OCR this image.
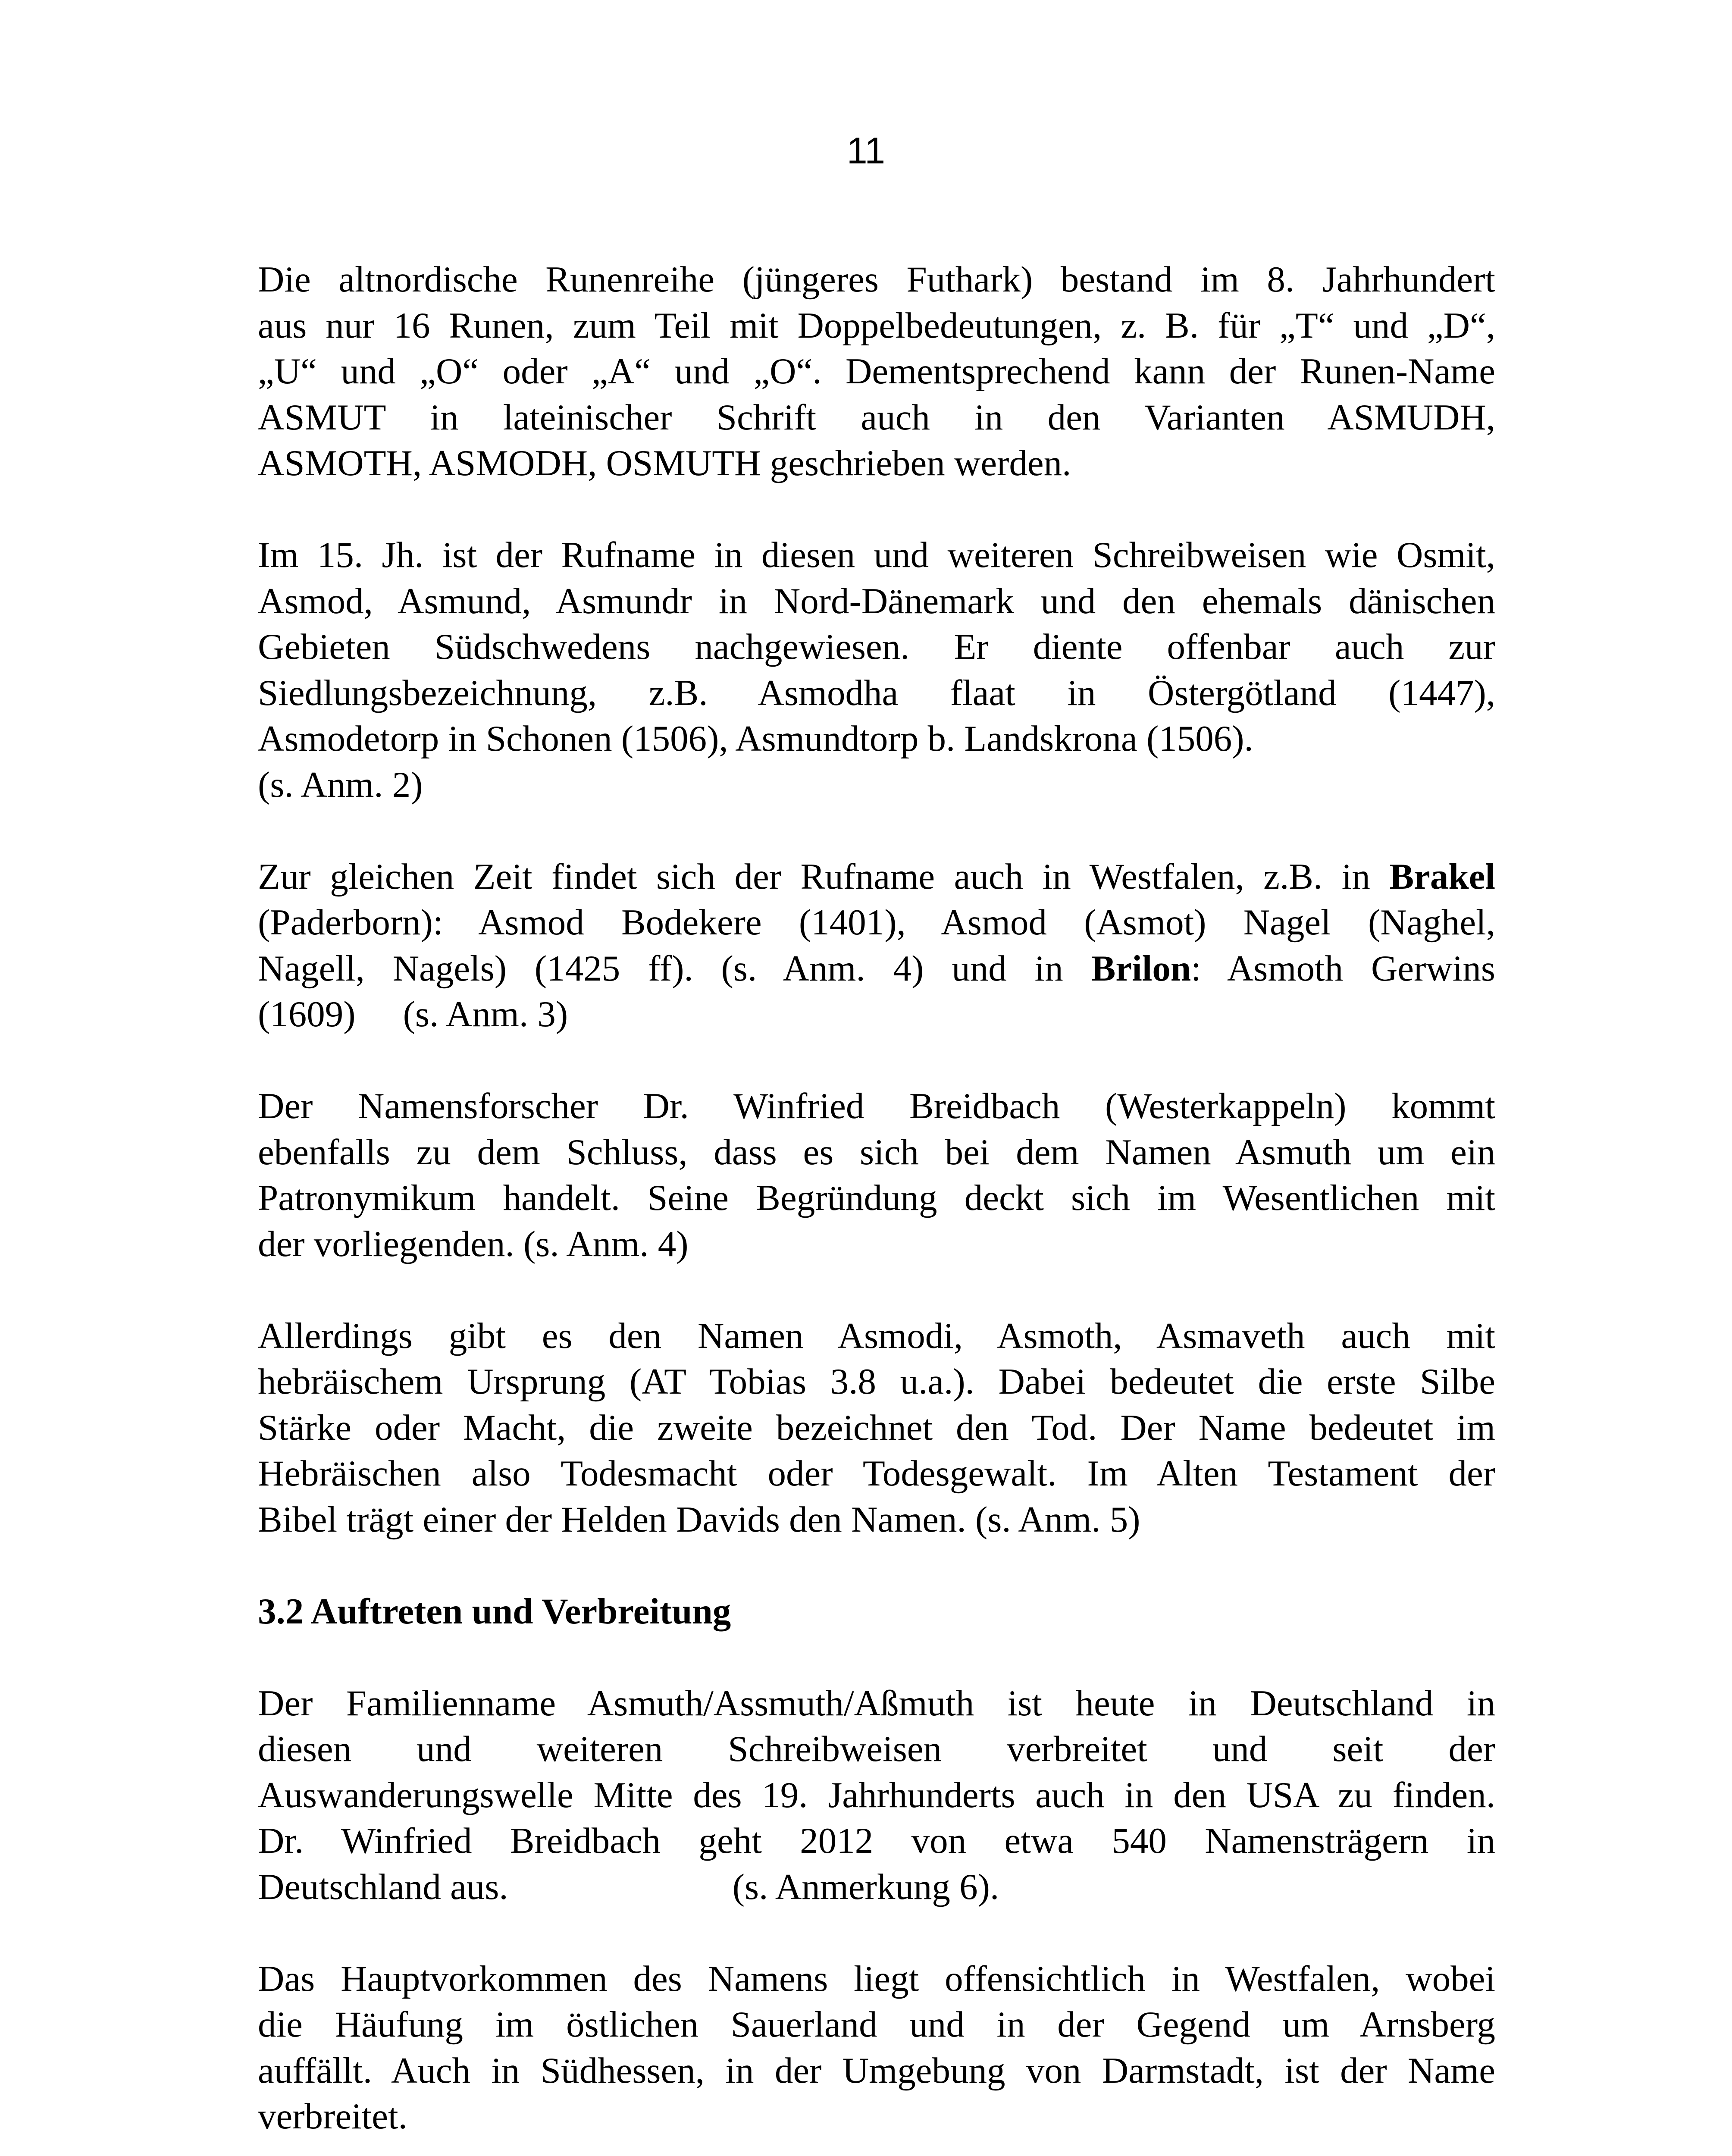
11
Die altnordische Runenreihe (jüngeres Futhark) bestand im 8. Jahrhundert
aus nur 16 Runen, zum Teil mit Doppelbedeutungen, z. B. für „T“ und „D“,
„U“ und „O“ oder „A“ und „O“. Dementsprechend kann der Runen-Name
ASMUT in lateinischer Schrift auch in den Varianten ASMUDH,
ASMOTH, ASMODH, OSMUTH geschrieben werden.
Im 15. Jh. ist der Rufname in diesen und weiteren Schreibweisen wie Osmit,
Asmod, Asmund, Asmundr in Nord-Dänemark und den ehemals dänischen
Gebieten Südschwedens nachgewiesen. Er diente offenbar auch zur
Siedlungsbezeichnung, z.B. Asmodha flaat in Östergötland (1447),
Asmodetorp in Schonen (1506), Asmundtorp b. Landskrona (1506).
(s. Anm. 2)
Zur gleichen Zeit findet sich der Rufname auch in Westfalen, z.B. in Brakel
(Paderborn): Asmod Bodekere (1401), Asmod (Asmot) Nagel (Naghel,
Nagell, Nagels) (1425 ff). (s. Anm. 4) und in Brilon: Asmoth Gerwins
(1609) (s. Anm. 3)
Der Namensforscher Dr. Winfried Breidbach (Westerkappeln) kommt
ebenfalls zu dem Schluss, dass es sich bei dem Namen Asmuth um ein
Patronymikum handelt. Seine Begründung deckt sich im Wesentlichen mit
der vorliegenden. (s. Anm. 4)
Allerdings gibt es den Namen Asmodi, Asmoth, Asmaveth auch mit
hebräischem Ursprung (AT Tobias 3.8 u.a.). Dabei bedeutet die erste Silbe
Stärke oder Macht, die zweite bezeichnet den Tod. Der Name bedeutet im
Hebräischen also Todesmacht oder Todesgewalt. Im Alten Testament der
Bibel trägt einer der Helden Davids den Namen. (s. Anm. 5)
3.2 Auftreten und Verbreitung
Der Familienname Asmuth/Assmuth/Aßmuth ist heute in Deutschland in
diesen und weiteren Schreibweisen verbreitet und seit der
Auswanderungswelle Mitte des 19. Jahrhunderts auch in den USA zu finden.
Dr. Winfried Breidbach geht 2012 von etwa 540 Namensträgern in
Deutschland aus.	(s. Anmerkung 6).
Das Hauptvorkommen des Namens liegt offensichtlich in Westfalen, wobei
die Häufung im östlichen Sauerland und in der Gegend um Arnsberg
auffällt. Auch in Südhessen, in der Umgebung von Darmstadt, ist der Name
verbreitet.
